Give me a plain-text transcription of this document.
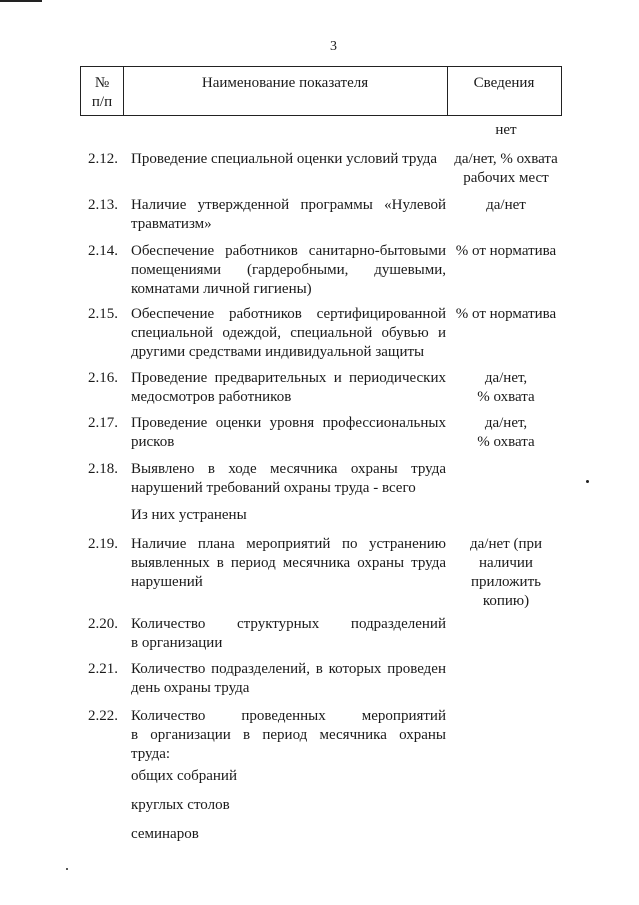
3
№
п/п
Наименование показателя	Сведения
нет
2.12. Проведение специальной оценки условий труда	да/нет, % охвата
рабочих мест
2.13. Наличие утвержденной программы «Нулевой
травматизм»
да/нет
2.14. Обеспечение работников санитарно-бытовыми
помещениями (гардеробными, душевыми,
комнатами личной гигиены)
% от норматива
2.15. Обеспечение работников сертифицированной
специальной одеждой, специальной обувью и
другими средствами индивидуальной защиты
% от норматива
2.16. Проведение предварительных и периодических
медосмотров работников
да/нет,
% охвата
2.17. Проведение оценки уровня профессиональных
рисков
да/нет,
% охвата
2.18. Выявлено в ходе месячника охраны труда
нарушений требований охраны труда - всего
Из них устранены
2.19. Наличие плана мероприятий по устранению
выявленных в период месячника охраны труда
нарушений
да/нет (при
наличии
приложить
копию)
2.20. Количество структурных подразделений
в организации
2.21. Количество подразделений, в которых проведен
день охраны труда
2.22. Количество проведенных мероприятий
в организации в период месячника охраны
труда:
общих собраний
круглых столов
семинаров
